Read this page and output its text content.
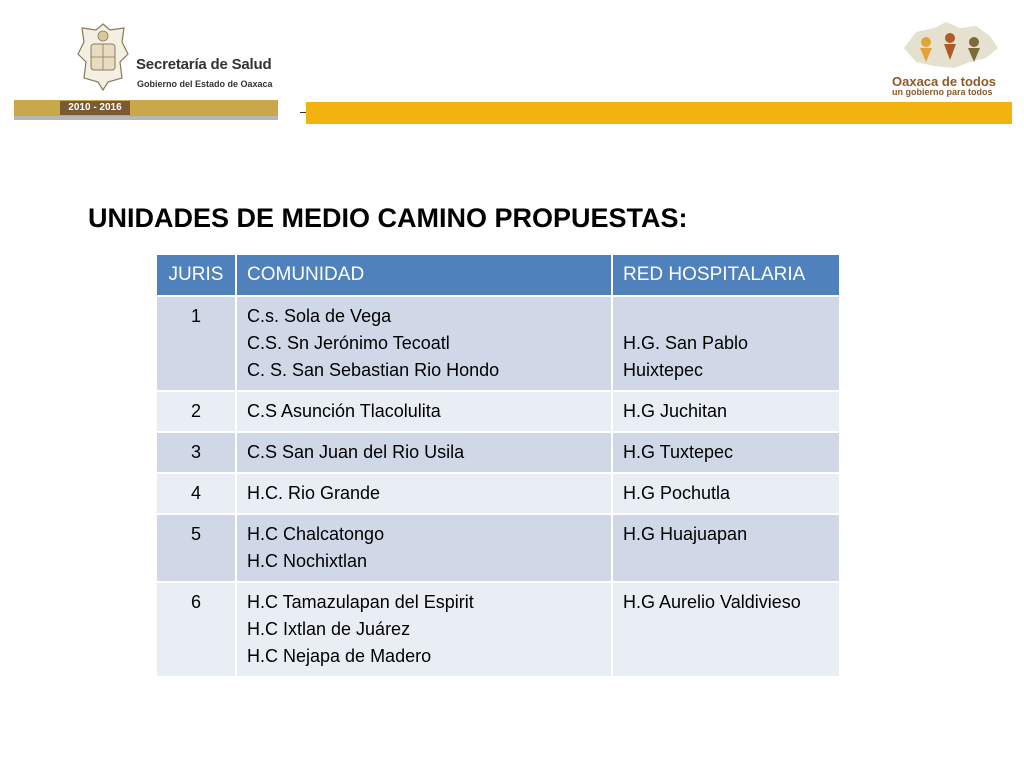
Secretaría de Salud
Gobierno del Estado de Oaxaca
2010 - 2016
Oaxaca de todos
un gobierno para todos
UNIDADES DE MEDIO CAMINO PROPUESTAS:
JURIS	COMUNIDAD	RED HOSPITALARIA
1	C.s. Sola de Vega
C.S. Sn Jerónimo Tecoatl
C. S. San Sebastian Rio Hondo	H.G. San Pablo
Huixtepec

2	C.S Asunción Tlacolulita	H.G Juchitan

3	C.S San Juan del Rio Usila	H.G Tuxtepec

4	H.C. Rio Grande	H.G Pochutla

5	H.C Chalcatongo
H.C Nochixtlan	H.G Huajuapan

6	H.C Tamazulapan del Espirit
H.C Ixtlan de Juárez
H.C Nejapa de Madero	H.G Aurelio Valdivieso
